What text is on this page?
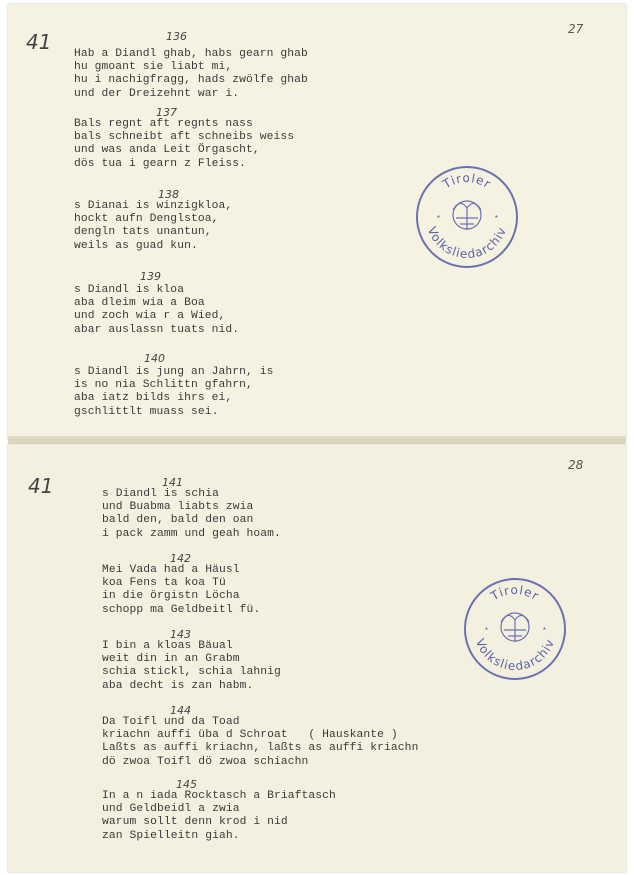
41
27
136
Hab a Diandl ghab, habs gearn ghab
hu gmoant sie liabt mi,
hu i nachigfragg, hads zwölfe ghab
und der Dreizehnt war i.
137
Bals regnt aft regnts nass
bals schneibt aft schneibs weiss
und was anda Leit Örgascht,
dös tua i gearn z Fleiss.
138
s Dianai is winzigkloa,
hockt aufn Denglstoa,
dengln tats unantun,
weils as guad kun.
139
s Diandl is kloa
aba dleim wia a Boa
und zoch wia r a Wied,
abar auslassn tuats nid.
140
s Diandl is jung an Jahrn, is
is no nia Schlittn gfahrn,
aba iatz bilds ihrs ei,
gschlittlt muass sei.
Tiroler
Volksliedarchiv
*	*
41
28
141
s Diandl is schia
und Buabma liabts zwia
bald den, bald den oan
i pack zamm und geah hoam.
142
Mei Vada had a Häusl
koa Fens ta koa Tü
in die örgistn Löcha
schopp ma Geldbeitl fü.
143
I bin a kloas Bäual
weit din in an Grabm
schia stickl, schia lahnig
aba decht is zan habm.
144
Da Toifl und da Toad
kriachn auffi üba d Schroat   ( Hauskante )
Laßts as auffi kriachn, laßts as auffi kriachn
dö zwoa Toifl dö zwoa schiachn
145
In a n iada Rocktasch a Briaftasch
und Geldbeidl a zwia
warum sollt denn krod i nid
zan Spielleitn giah.
Tiroler
Volksliedarchiv
*	*
